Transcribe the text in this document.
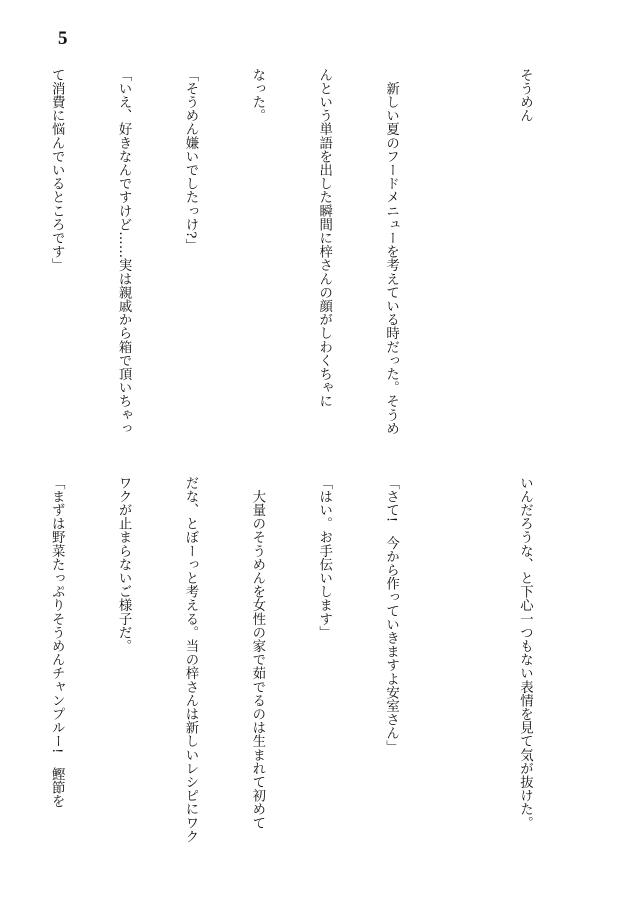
5

そうめん

　新しい夏のフードメニューを考えている時だった。そうめ

んという単語を出した瞬間に梓さんの顔がしわくちゃに

なった。

「そうめん嫌いでしたっけ?」

「いえ、好きなんですけど……実は親戚から箱で頂いちゃっ

て消費に悩んでいるところです」

いんだろうな、と下心一つもない表情を見て気が抜けた。

「さて!　今から作っていきますよ安室さん」

「はい。お手伝いします」

　大量のそうめんを女性の家で茹でるのは生まれて初めて

だな、とぼーっと考える。当の梓さんは新しいレシピにワク

ワクが止まらないご様子だ。

「まずは野菜たっぷりそうめんチャンプルー!　鰹節を
